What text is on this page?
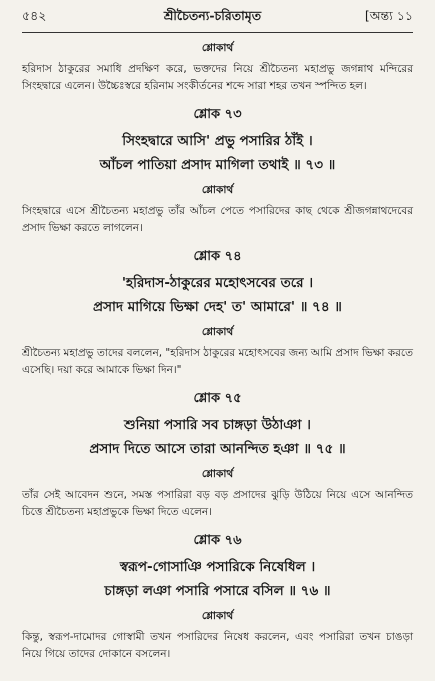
৫৪২	শ্রীচৈতন্য-চরিতামৃত	[অন্ত্য ১১
শ্লোকার্থ
হরিদাস ঠাকুরের সমাধি প্রদক্ষিণ করে, ভক্তদের নিয়ে শ্রীচৈতন্য মহাপ্রভু জগন্নাথ মন্দিরের সিংহদ্বারে এলেন। উচ্চৈঃস্বরে হরিনাম সংকীর্তনের শব্দে সারা শহর তখন স্পন্দিত হল।
শ্লোক ৭৩
সিংহদ্বারে আসি' প্রভু পসারির ঠাঁই ।
আঁচল পাতিয়া প্রসাদ মাগিলা তথাই ॥ ৭৩ ॥
শ্লোকার্থ
সিংহদ্বারে এসে শ্রীচৈতন্য মহাপ্রভু তাঁর আঁচল পেতে পসারিদের কাছ থেকে শ্রীজগন্নাথদেবের প্রসাদ ভিক্ষা করতে লাগলেন।
শ্লোক ৭৪
'হরিদাস-ঠাকুরের মহোৎসবের তরে ।
প্রসাদ মাগিয়ে ভিক্ষা দেহ' ত' আমারে' ॥ ৭৪ ॥
শ্লোকার্থ
শ্রীচৈতন্য মহাপ্রভু তাদের বললেন, "হরিদাস ঠাকুরের মহোৎসবের জন্য আমি প্রসাদ ভিক্ষা করতে এসেছি। দয়া করে আমাকে ভিক্ষা দিন।"
শ্লোক ৭৫
শুনিয়া পসারি সব চাঙ্গড়া উঠাঞা ।
প্রসাদ দিতে আসে তারা আনন্দিত হঞা ॥ ৭৫ ॥
শ্লোকার্থ
তাঁর সেই আবেদন শুনে, সমস্ত পসারিরা বড় বড় প্রসাদের ঝুড়ি উঠিয়ে নিয়ে এসে আনন্দিত চিত্তে শ্রীচৈতন্য মহাপ্রভুকে ভিক্ষা দিতে এলেন।
শ্লোক ৭৬
স্বরূপ-গোসাঞি পসারিকে নিষেধিল ।
চাঙ্গড়া লঞা পসারি পসারে বসিল ॥ ৭৬ ॥
শ্লোকার্থ
কিন্তু, স্বরূপ-দামোদর গোস্বামী তখন পসারিদের নিষেধ করলেন, এবং পসারিরা তখন চাঙড়া নিয়ে গিয়ে তাদের দোকানে বসলেন।
